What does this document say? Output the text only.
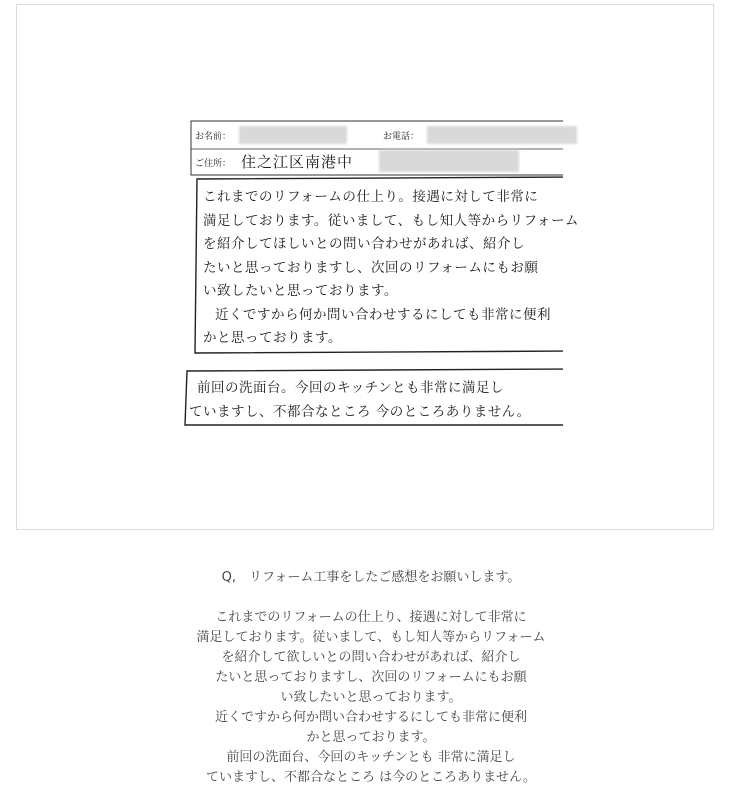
お名前：	お電話：
ご住所： 住之江区南港中
これまでのリフォームの仕上り。接遇に対して非常に
満足しております。従いまして、もし知人等からリフォーム
を紹介してほしいとの問い合わせがあれば、紹介し
たいと思っておりますし、次回のリフォームにもお願
い致したいと思っております。
近くですから何か問い合わせするにしても非常に便利
かと思っております。
前回の洗面台。今回のキッチンとも非常に満足し
ていますし、不都合なところ 今のところありません。

Q,　リフォーム工事をしたご感想をお願いします。

これまでのリフォームの仕上り、接遇に対して非常に
満足しております。従いまして、もし知人等からリフォーム
を紹介して欲しいとの問い合わせがあれば、紹介し
たいと思っておりますし、次回のリフォームにもお願
い致したいと思っております。
近くですから何か問い合わせするにしても非常に便利
かと思っております。
前回の洗面台、今回のキッチンとも 非常に満足し
ていますし、不都合なところ は今のところありません。
